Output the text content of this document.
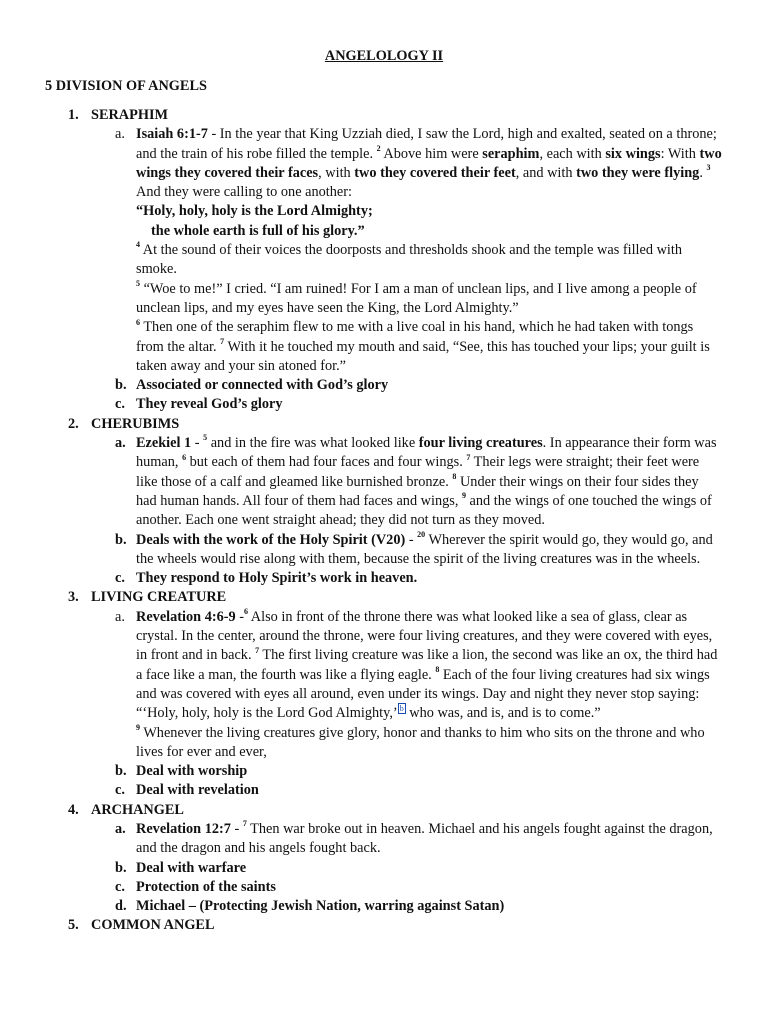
ANGELOLOGY II
5 DIVISION OF ANGELS
1. SERAPHIM
a. Isaiah 6:1-7 - In the year that King Uzziah died, I saw the Lord, high and exalted, seated on a throne; and the train of his robe filled the temple. $^2$ Above him were seraphim, each with six wings: With two wings they covered their faces, with two they covered their feet, and with two they were flying. $^3$ And they were calling to one another:
“Holy, holy, holy is the Lord Almighty;
the whole earth is full of his glory.”
$^4$ At the sound of their voices the doorposts and thresholds shook and the temple was filled with smoke.
$^5$ “Woe to me!” I cried. “I am ruined! For I am a man of unclean lips, and I live among a people of unclean lips, and my eyes have seen the King, the Lord Almighty.”
$^6$ Then one of the seraphim flew to me with a live coal in his hand, which he had taken with tongs from the altar. $^7$ With it he touched my mouth and said, “See, this has touched your lips; your guilt is taken away and your sin atoned for.”
b. Associated or connected with God’s glory
c. They reveal God’s glory
2. CHERUBIMS
a. Ezekiel 1 - $^5$ and in the fire was what looked like four living creatures. In appearance their form was human, $^6$ but each of them had four faces and four wings. $^7$ Their legs were straight; their feet were like those of a calf and gleamed like burnished bronze. $^8$ Under their wings on their four sides they had human hands. All four of them had faces and wings, $^9$ and the wings of one touched the wings of another. Each one went straight ahead; they did not turn as they moved.
b. Deals with the work of the Holy Spirit (V20) - $^{20}$ Wherever the spirit would go, they would go, and the wheels would rise along with them, because the spirit of the living creatures was in the wheels.
c. They respond to Holy Spirit’s work in heaven.
3. LIVING CREATURE
a. Revelation 4:6-9 -$^6$ Also in front of the throne there was what looked like a sea of glass, clear as crystal. In the center, around the throne, were four living creatures, and they were covered with eyes, in front and in back. $^7$ The first living creature was like a lion, the second was like an ox, the third had a face like a man, the fourth was like a flying eagle. $^8$ Each of the four living creatures had six wings and was covered with eyes all around, even under its wings. Day and night they never stop saying: “‘Holy, holy, holy is the Lord God Almighty,’ $^b$ who was, and is, and is to come.”
$^9$ Whenever the living creatures give glory, honor and thanks to him who sits on the throne and who lives for ever and ever,
b. Deal with worship
c. Deal with revelation
4. ARCHANGEL
a. Revelation 12:7 - $^7$ Then war broke out in heaven. Michael and his angels fought against the dragon, and the dragon and his angels fought back.
b. Deal with warfare
c. Protection of the saints
d. Michael – (Protecting Jewish Nation, warring against Satan)
5. COMMON ANGEL
